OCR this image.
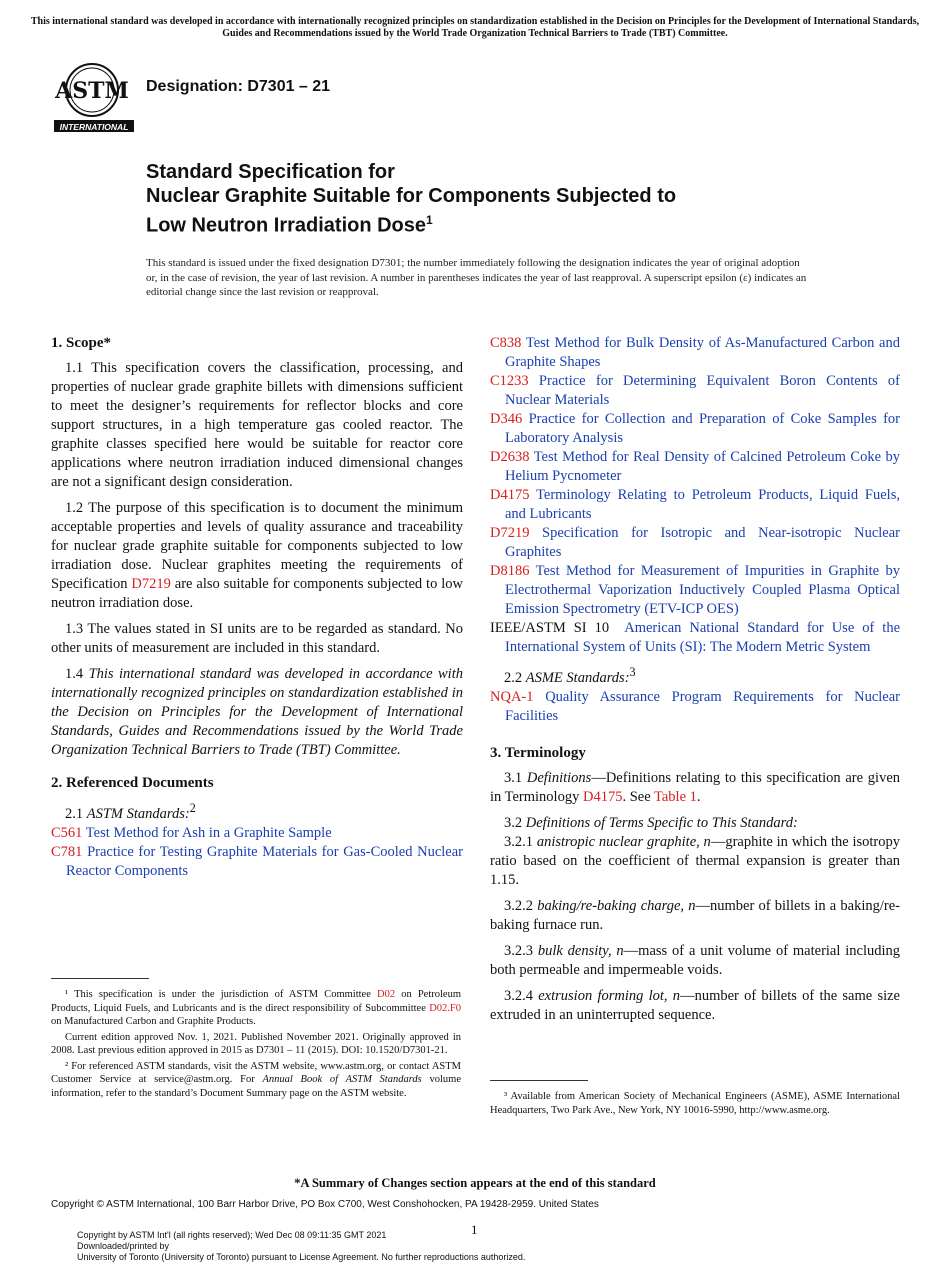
This international standard was developed in accordance with internationally recognized principles on standardization established in the Decision on Principles for the Development of International Standards, Guides and Recommendations issued by the World Trade Organization Technical Barriers to Trade (TBT) Committee.
ASTM
INTERNATIONAL
Designation: D7301 – 21
Standard Specification for
Nuclear Graphite Suitable for Components Subjected to
Low Neutron Irradiation Dose$^1$
This standard is issued under the fixed designation D7301; the number immediately following the designation indicates the year of original adoption or, in the case of revision, the year of last revision. A number in parentheses indicates the year of last reapproval. A superscript epsilon (ε) indicates an editorial change since the last revision or reapproval.
1. Scope*

1.1 This specification covers the classification, processing, and properties of nuclear grade graphite billets with dimensions sufficient to meet the designer’s requirements for reflector blocks and core support structures, in a high temperature gas cooled reactor. The graphite classes specified here would be suitable for reactor core applications where neutron irradiation induced dimensional changes are not a significant design consideration.

1.2 The purpose of this specification is to document the minimum acceptable properties and levels of quality assurance and traceability for nuclear grade graphite suitable for components subjected to low irradiation dose. Nuclear graphites meeting the requirements of Specification D7219 are also suitable for components subjected to low neutron irradiation dose.

1.3 The values stated in SI units are to be regarded as standard. No other units of measurement are included in this standard.

1.4 This international standard was developed in accordance with internationally recognized principles on standardization established in the Decision on Principles for the Development of International Standards, Guides and Recommendations issued by the World Trade Organization Technical Barriers to Trade (TBT) Committee.

2. Referenced Documents

2.1 ASTM Standards:$^2$

C561 Test Method for Ash in a Graphite Sample

C781 Practice for Testing Graphite Materials for Gas-Cooled Nuclear Reactor Components

C838 Test Method for Bulk Density of As-Manufactured Carbon and Graphite Shapes

C1233 Practice for Determining Equivalent Boron Contents of Nuclear Materials

D346 Practice for Collection and Preparation of Coke Samples for Laboratory Analysis

D2638 Test Method for Real Density of Calcined Petroleum Coke by Helium Pycnometer

D4175 Terminology Relating to Petroleum Products, Liquid Fuels, and Lubricants

D7219 Specification for Isotropic and Near-isotropic Nuclear Graphites

D8186 Test Method for Measurement of Impurities in Graphite by Electrothermal Vaporization Inductively Coupled Plasma Optical Emission Spectrometry (ETV-ICP OES)

IEEE/ASTM SI 10 American National Standard for Use of the International System of Units (SI): The Modern Metric System

2.2 ASME Standards:$^3$

NQA-1 Quality Assurance Program Requirements for Nuclear Facilities

3. Terminology

3.1 Definitions—Definitions relating to this specification are given in Terminology D4175. See Table 1.

3.2 Definitions of Terms Specific to This Standard:

3.2.1 anistropic nuclear graphite, n—graphite in which the isotropy ratio based on the coefficient of thermal expansion is greater than 1.15.

3.2.2 baking/re-baking charge, n—number of billets in a baking/re-baking furnace run.

3.2.3 bulk density, n—mass of a unit volume of material including both permeable and impermeable voids.

3.2.4 extrusion forming lot, n—number of billets of the same size extruded in an uninterrupted sequence.

¹ This specification is under the jurisdiction of ASTM Committee D02 on Petroleum Products, Liquid Fuels, and Lubricants and is the direct responsibility of Subcommittee D02.F0 on Manufactured Carbon and Graphite Products.

Current edition approved Nov. 1, 2021. Published November 2021. Originally approved in 2008. Last previous edition approved in 2015 as D7301 – 11 (2015). DOI: 10.1520/D7301-21.

² For referenced ASTM standards, visit the ASTM website, www.astm.org, or contact ASTM Customer Service at service@astm.org. For Annual Book of ASTM Standards volume information, refer to the standard’s Document Summary page on the ASTM website.	³ Available from American Society of Mechanical Engineers (ASME), ASME International Headquarters, Two Park Ave., New York, NY 10016-5990, http://www.asme.org.

*A Summary of Changes section appears at the end of this standard
Copyright © ASTM International, 100 Barr Harbor Drive, PO Box C700, West Conshohocken, PA 19428-2959. United States
1
Copyright by ASTM Int'l (all rights reserved); Wed Dec 08 09:11:35 GMT 2021
Downloaded/printed by
University of Toronto (University of Toronto) pursuant to License Agreement. No further reproductions authorized.
